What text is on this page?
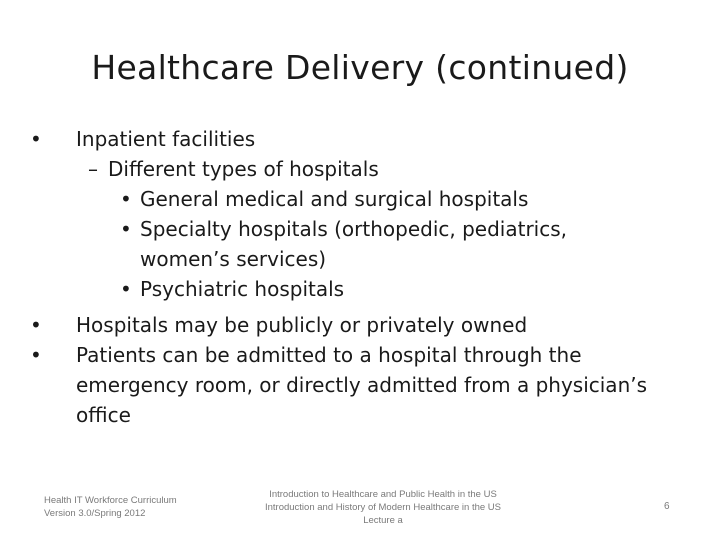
Healthcare Delivery (continued)
• Inpatient facilities
– Different types of hospitals
• General medical and surgical hospitals
• Specialty hospitals (orthopedic, pediatrics,
women’s services)
• Psychiatric hospitals
• Hospitals may be publicly or privately owned
• Patients can be admitted to a hospital through the
emergency room, or directly admitted from a physician’s
office
Health IT Workforce Curriculum
Version 3.0/Spring 2012
Introduction to Healthcare and Public Health in the US
Introduction and History of Modern Healthcare in the US
Lecture a
6
